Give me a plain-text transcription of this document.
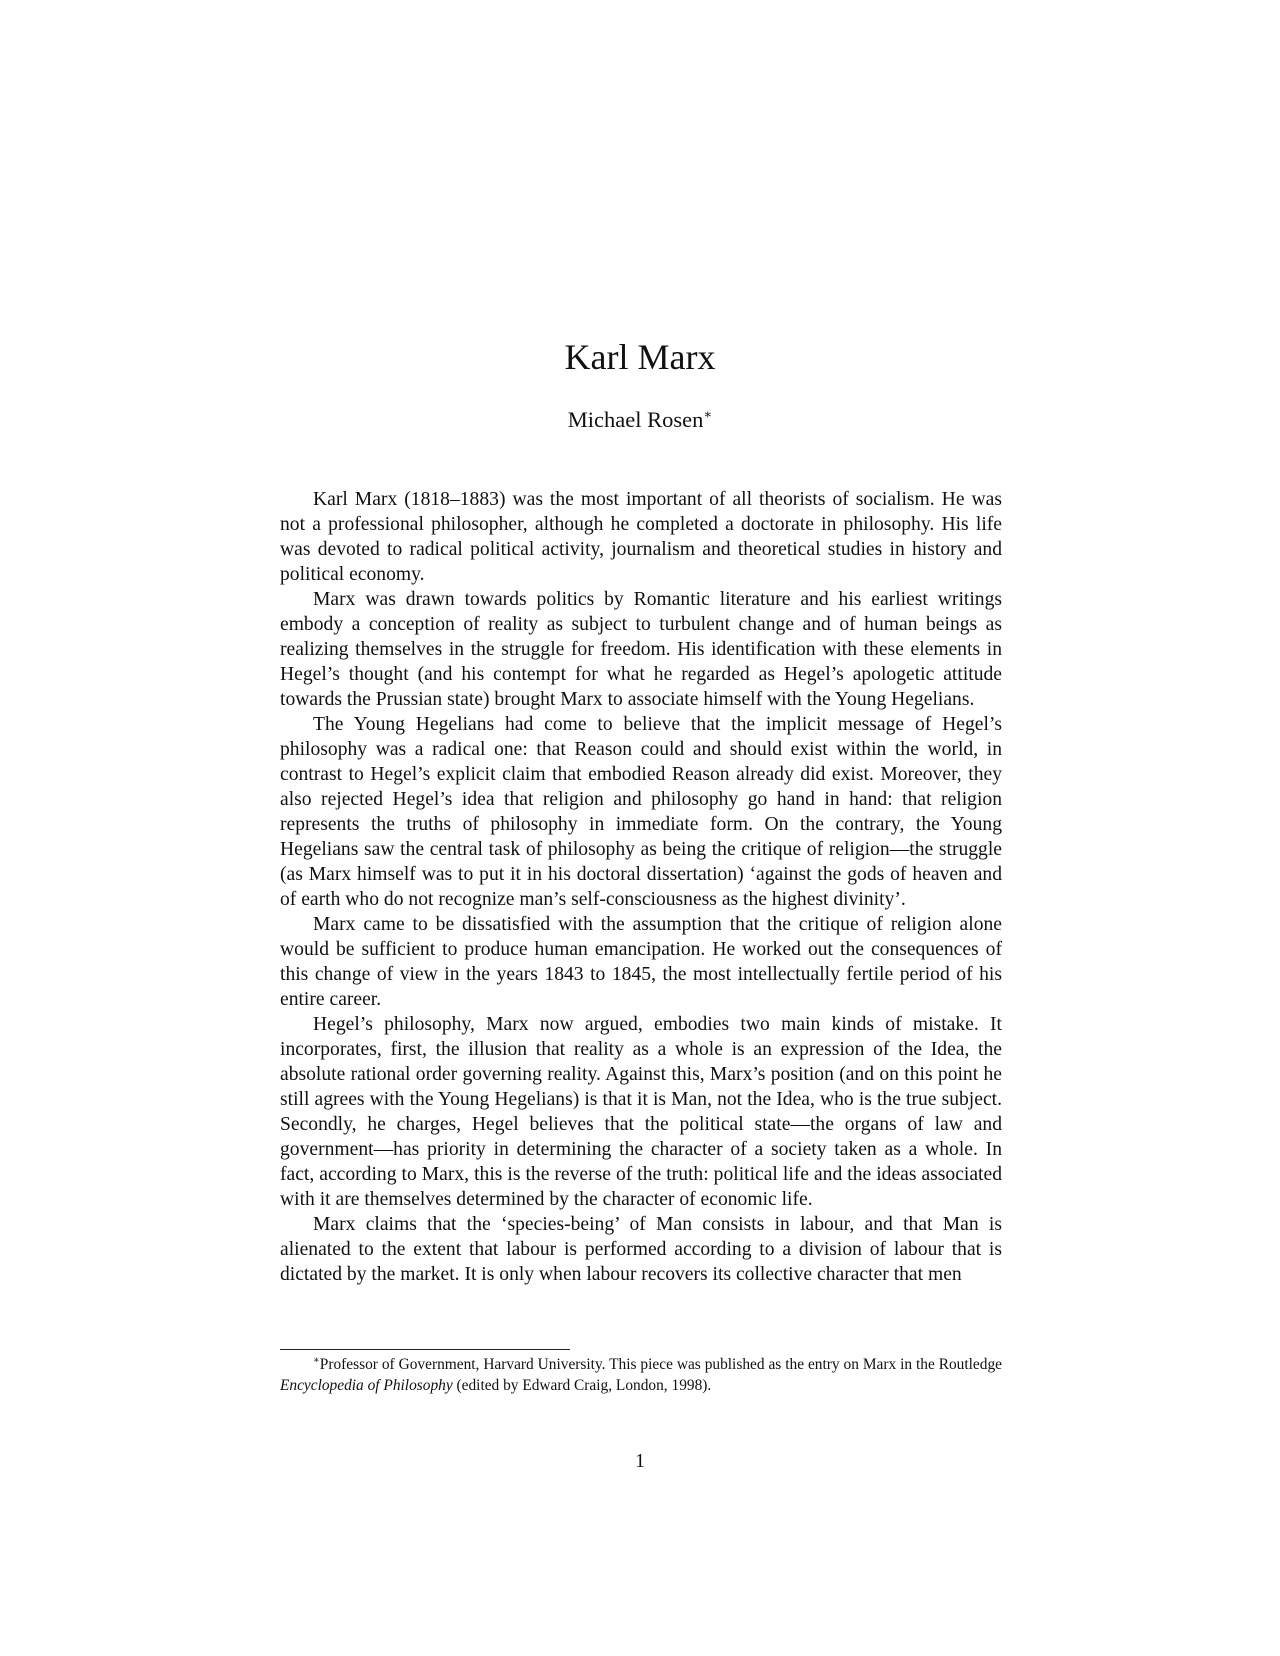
Karl Marx
Michael Rosen∗

Karl Marx (1818–1883) was the most important of all theorists of socialism. He was not a professional philosopher, although he completed a doctorate in philosophy. His life was devoted to radical political activity, journalism and theoretical studies in history and political economy.

Marx was drawn towards politics by Romantic literature and his earliest writings embody a conception of reality as subject to turbulent change and of human beings as realizing themselves in the struggle for freedom. His identification with these elements in Hegel’s thought (and his contempt for what he regarded as Hegel’s apologetic attitude towards the Prussian state) brought Marx to associate himself with the Young Hegelians.

The Young Hegelians had come to believe that the implicit message of Hegel’s philosophy was a radical one: that Reason could and should exist within the world, in contrast to Hegel’s explicit claim that embodied Reason already did exist. Moreover, they also rejected Hegel’s idea that religion and philosophy go hand in hand: that religion represents the truths of philosophy in immediate form. On the contrary, the Young Hegelians saw the central task of philosophy as being the critique of religion—the struggle (as Marx himself was to put it in his doctoral dissertation) ‘against the gods of heaven and of earth who do not recognize man’s self-consciousness as the highest divinity’.

Marx came to be dissatisfied with the assumption that the critique of religion alone would be sufficient to produce human emancipation. He worked out the consequences of this change of view in the years 1843 to 1845, the most intellectually fertile period of his entire career.

Hegel’s philosophy, Marx now argued, embodies two main kinds of mistake. It incorporates, first, the illusion that reality as a whole is an expression of the Idea, the absolute rational order governing reality. Against this, Marx’s position (and on this point he still agrees with the Young Hegelians) is that it is Man, not the Idea, who is the true subject. Secondly, he charges, Hegel believes that the political state—the organs of law and government—has priority in determining the character of a society taken as a whole. In fact, according to Marx, this is the reverse of the truth: political life and the ideas associated with it are themselves determined by the character of economic life.

Marx claims that the ‘species-being’ of Man consists in labour, and that Man is alienated to the extent that labour is performed according to a division of labour that is dictated by the market. It is only when labour recovers its collective character that men

∗Professor of Government, Harvard University. This piece was published as the entry on Marx in the Routledge Encyclopedia of Philosophy (edited by Edward Craig, London, 1998).

1
